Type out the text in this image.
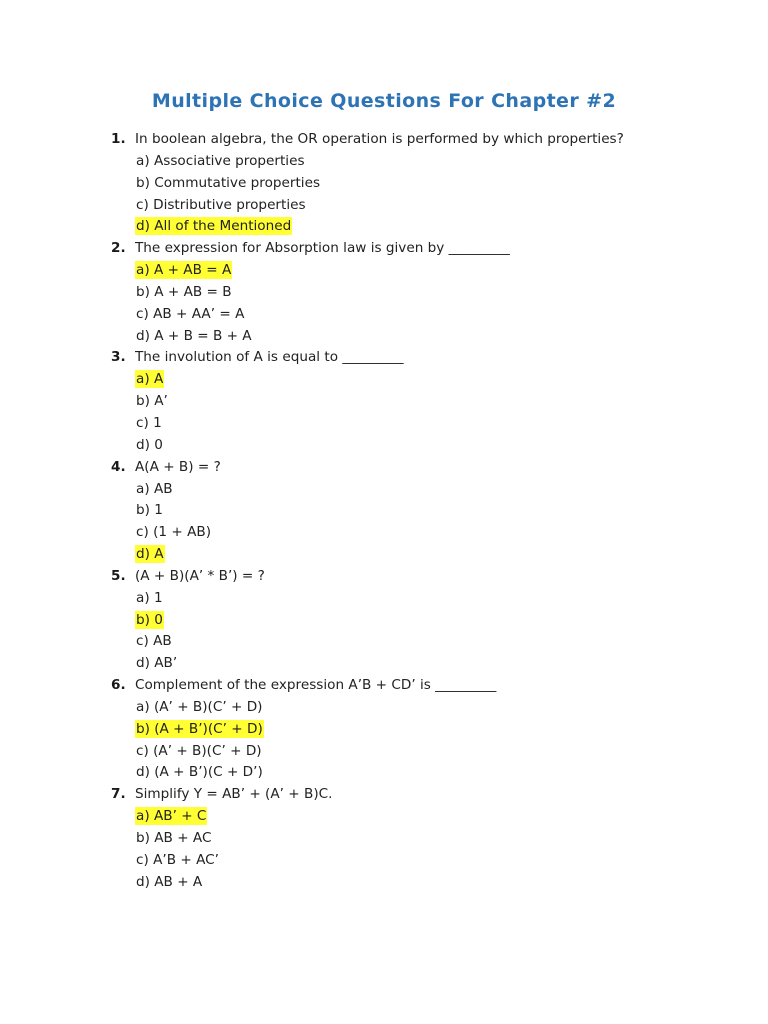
Multiple Choice Questions For Chapter #2
1. In boolean algebra, the OR operation is performed by which properties?
a) Associative properties
b) Commutative properties
c) Distributive properties
d) All of the Mentioned
2. The expression for Absorption law is given by _________
a) A + AB = A
b) A + AB = B
c) AB + AA’ = A
d) A + B = B + A
3. The involution of A is equal to _________
a) A
b) A’
c) 1
d) 0
4. A(A + B) = ?
a) AB
b) 1
c) (1 + AB)
d) A
5. (A + B)(A’ * B’) = ?
a) 1
b) 0
c) AB
d) AB’
6. Complement of the expression A’B + CD’ is _________
a) (A’ + B)(C’ + D)
b) (A + B’)(C’ + D)
c) (A’ + B)(C’ + D)
d) (A + B’)(C + D’)
7. Simplify Y = AB’ + (A’ + B)C.
a) AB’ + C
b) AB + AC
c) A’B + AC’
d) AB + A
